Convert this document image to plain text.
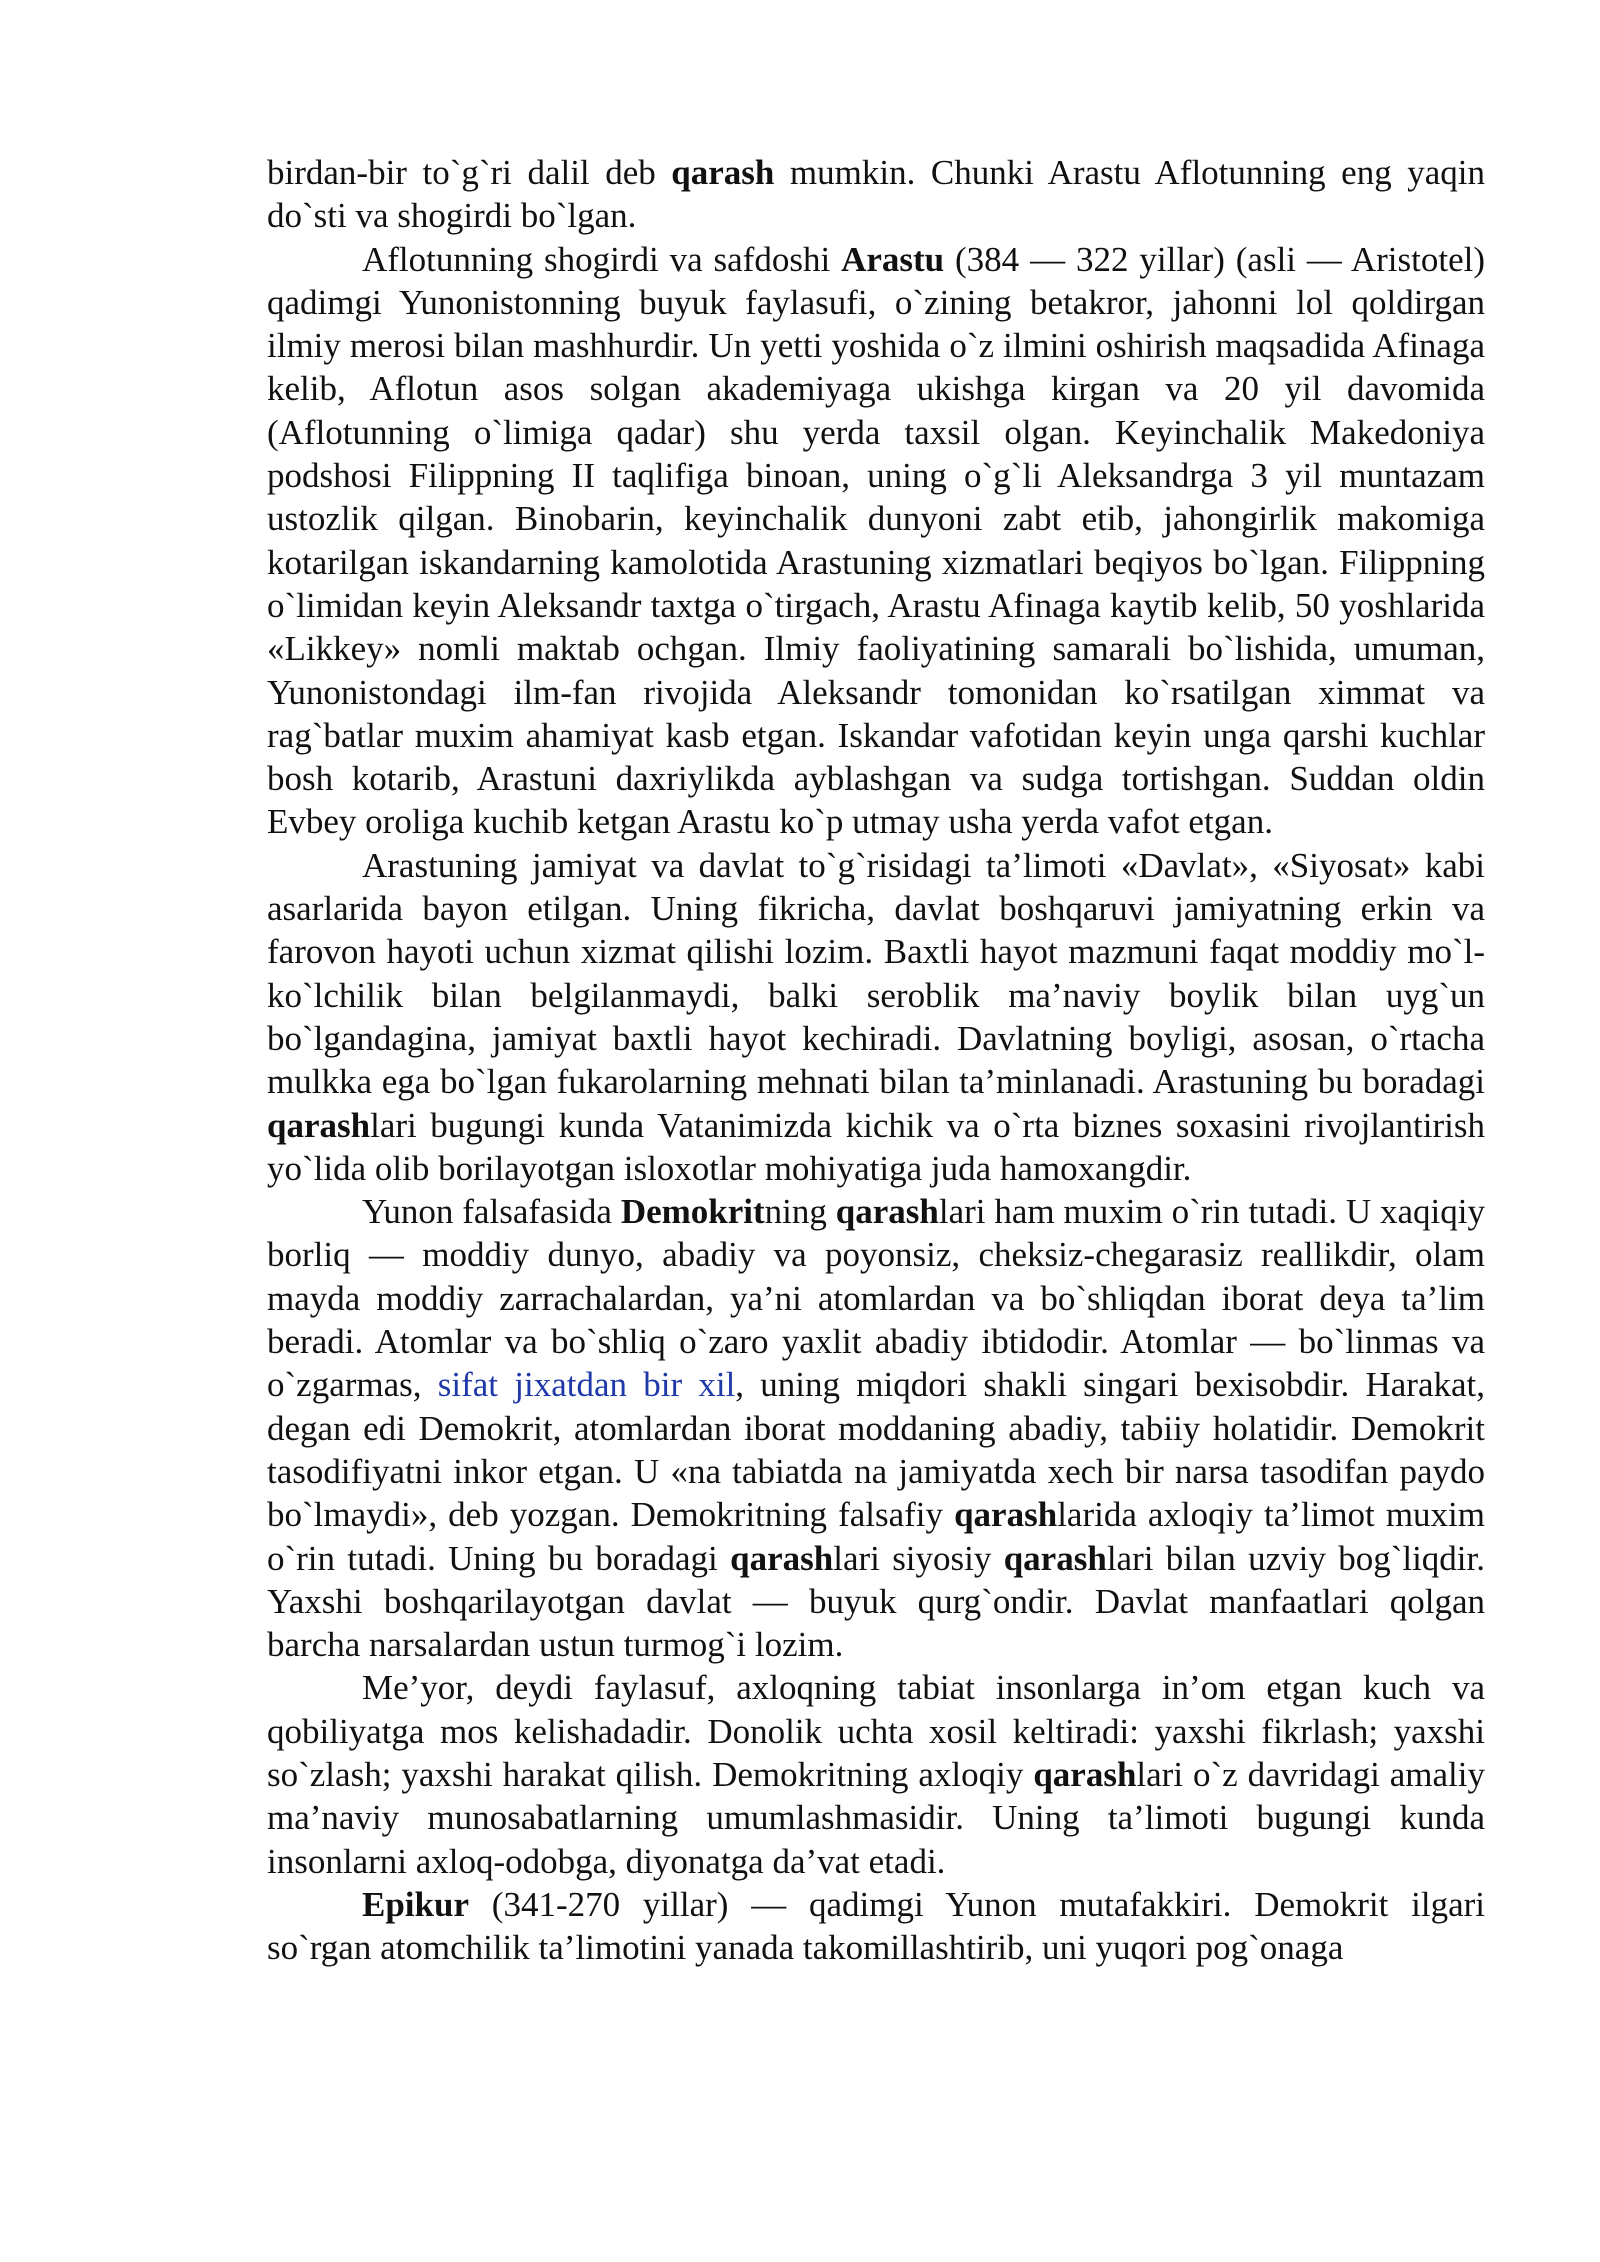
birdan-bir to`g`ri dalil deb qarash mumkin. Chunki Arastu Aflotunning eng yaqin do`sti va shogirdi bo`lgan.

Aflotunning shogirdi va safdoshi Arastu (384 — 322 yillar) (asli — Aristotel) qadimgi Yunonistonning buyuk faylasufi, o`zining betakror, jahonni lol qoldirgan ilmiy merosi bilan mashhurdir. Un yetti yoshida o`z ilmini oshirish maqsadida Afinaga kelib, Aflotun asos solgan akademiyaga ukishga kirgan va 20 yil davomida (Aflotunning o`limiga qadar) shu yerda taxsil olgan. Keyinchalik Makedoniya podshosi Filippning II taqlifiga binoan, uning o`g`li Aleksandrga 3 yil muntazam ustozlik qilgan. Binobarin, keyinchalik dunyoni zabt etib, jahongirlik makomiga kotarilgan iskandarning kamolotida Arastuning xizmatlari beqiyos bo`lgan. Filippning o`limidan keyin Aleksandr taxtga o`tirgach, Arastu Afinaga kaytib kelib, 50 yoshlarida «Likkey» nomli maktab ochgan. Ilmiy faoliyatining samarali bo`lishida, umuman, Yunonistondagi ilm-fan rivojida Aleksandr tomonidan ko`rsatilgan ximmat va rag`batlar muxim ahamiyat kasb etgan. Iskandar vafotidan keyin unga qarshi kuchlar bosh kotarib, Arastuni daxriylikda ayblashgan va sudga tortishgan. Suddan oldin Evbey oroliga kuchib ketgan Arastu ko`p utmay usha yerda vafot etgan.

Arastuning jamiyat va davlat to`g`risidagi ta’limoti «Davlat», «Siyosat» kabi asarlarida bayon etilgan. Uning fikricha, davlat boshqaruvi jamiyatning erkin va farovon hayoti uchun xizmat qilishi lozim. Baxtli hayot mazmuni faqat moddiy mo`l-ko`lchilik bilan belgilanmaydi, balki seroblik ma’naviy boylik bilan uyg`un bo`lgandagina, jamiyat baxtli hayot kechiradi. Davlatning boyligi, asosan, o`rtacha mulkka ega bo`lgan fukarolarning mehnati bilan ta’minlanadi. Arastuning bu boradagi qarashlari bugungi kunda Vatanimizda kichik va o`rta biznes soxasini rivojlantirish yo`lida olib borilayotgan isloxotlar mohiyatiga juda hamoxangdir.

Yunon falsafasida Demokritning qarashlari ham muxim o`rin tutadi. U xaqiqiy borliq — moddiy dunyo, abadiy va poyonsiz, cheksiz-chegarasiz reallikdir, olam mayda moddiy zarrachalardan, ya’ni atomlardan va bo`shliqdan iborat deya ta’lim beradi. Atomlar va bo`shliq o`zaro yaxlit abadiy ibtidodir. Atomlar — bo`linmas va o`zgarmas, sifat jixatdan bir xil, uning miqdori shakli singari bexisobdir. Harakat, degan edi Demokrit, atomlardan iborat moddaning abadiy, tabiiy holatidir. Demokrit tasodifiyatni inkor etgan. U «na tabiatda na jamiyatda xech bir narsa tasodifan paydo bo`lmaydi», deb yozgan. Demokritning falsafiy qarashlarida axloqiy ta’limot muxim o`rin tutadi. Uning bu boradagi qarashlari siyosiy qarashlari bilan uzviy bog`liqdir. Yaxshi boshqarilayotgan davlat — buyuk qurg`ondir. Davlat manfaatlari qolgan barcha narsalardan ustun turmog`i lozim.

Me’yor, deydi faylasuf, axloqning tabiat insonlarga in’om etgan kuch va qobiliyatga mos kelishadadir. Donolik uchta xosil keltiradi: yaxshi fikrlash; yaxshi so`zlash; yaxshi harakat qilish. Demokritning axloqiy qarashlari o`z davridagi amaliy ma’naviy munosabatlarning umumlashmasidir. Uning ta’limoti bugungi kunda insonlarni axloq-odobga, diyonatga da’vat etadi.

Epikur (341-270 yillar) — qadimgi Yunon mutafakkiri. Demokrit ilgari so`rgan atomchilik ta’limotini yanada takomillashtirib, uni yuqori pog`onaga
